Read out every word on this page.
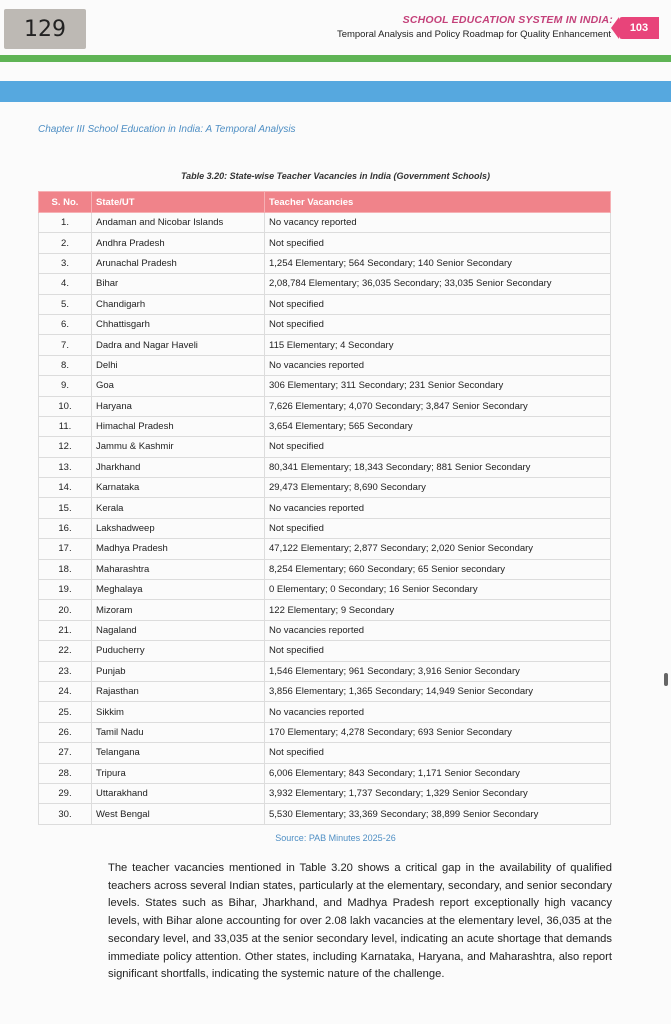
129	SCHOOL EDUCATION SYSTEM IN INDIA:
Temporal Analysis and Policy Roadmap for Quality Enhancement
103
Chapter III School Education in India: A Temporal Analysis
Table 3.20: State-wise Teacher Vacancies in India (Government Schools)
S. No.	State/UT	Teacher Vacancies
1.	Andaman and Nicobar Islands	No vacancy reported
2.	Andhra Pradesh	Not specified
3.	Arunachal Pradesh	1,254 Elementary; 564 Secondary; 140 Senior Secondary
4.	Bihar	2,08,784 Elementary; 36,035 Secondary; 33,035 Senior Secondary
5.	Chandigarh	Not specified
6.	Chhattisgarh	Not specified
7.	Dadra and Nagar Haveli	115 Elementary; 4 Secondary
8.	Delhi	No vacancies reported
9.	Goa	306 Elementary; 311 Secondary; 231 Senior Secondary
10.	Haryana	7,626 Elementary; 4,070 Secondary; 3,847 Senior Secondary
11.	Himachal Pradesh	3,654 Elementary; 565 Secondary
12.	Jammu & Kashmir	Not specified
13.	Jharkhand	80,341 Elementary; 18,343 Secondary; 881 Senior Secondary
14.	Karnataka	29,473 Elementary; 8,690 Secondary
15.	Kerala	No vacancies reported
16.	Lakshadweep	Not specified
17.	Madhya Pradesh	47,122 Elementary; 2,877 Secondary; 2,020 Senior Secondary
18.	Maharashtra	8,254 Elementary; 660 Secondary; 65 Senior secondary
19.	Meghalaya	0 Elementary; 0 Secondary; 16 Senior Secondary
20.	Mizoram	122 Elementary; 9 Secondary
21.	Nagaland	No vacancies reported
22.	Puducherry	Not specified
23.	Punjab	1,546 Elementary; 961 Secondary; 3,916 Senior Secondary
24.	Rajasthan	3,856 Elementary; 1,365 Secondary; 14,949 Senior Secondary
25.	Sikkim	No vacancies reported
26.	Tamil Nadu	170 Elementary; 4,278 Secondary; 693 Senior Secondary
27.	Telangana	Not specified
28.	Tripura	6,006 Elementary; 843 Secondary; 1,171 Senior Secondary
29.	Uttarakhand	3,932 Elementary; 1,737 Secondary; 1,329 Senior Secondary
30.	West Bengal	5,530 Elementary; 33,369 Secondary; 38,899 Senior Secondary
Source: PAB Minutes 2025-26
The teacher vacancies mentioned in Table 3.20 shows a critical gap in the availability of qualified teachers across several Indian states, particularly at the elementary, secondary, and senior secondary levels. States such as Bihar, Jharkhand, and Madhya Pradesh report exceptionally high vacancy levels, with Bihar alone accounting for over 2.08 lakh vacancies at the elementary level, 36,035 at the secondary level, and 33,035 at the senior secondary level, indicating an acute shortage that demands immediate policy attention. Other states, including Karnataka, Haryana, and Maharashtra, also report significant shortfalls, indicating the systemic nature of the challenge.
